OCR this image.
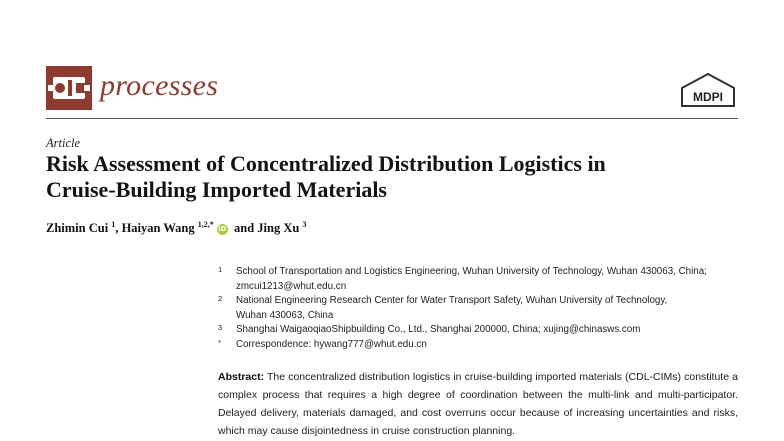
processes	MDPI
Article
Risk Assessment of Concentralized Distribution Logistics in
Cruise-Building Imported Materials
Zhimin Cui $^1$, Haiyan Wang $^{1,2,*}$ iD and Jing Xu $^3$
1 School of Transportation and Logistics Engineering, Wuhan University of Technology, Wuhan 430063, China;
zmcui1213@whut.edu.cn
2 National Engineering Research Center for Water Transport Safety, Wuhan University of Technology,
Wuhan 430063, China
3 Shanghai WaigaoqiaoShipbuilding Co., Ltd., Shanghai 200000, China; xujing@chinasws.com
* Correspondence: hywang777@whut.edu.cn

Abstract: The concentralized distribution logistics in cruise-building imported materials (CDL-CIMs) constitute a complex process that requires a high degree of coordination between the multi-link and multi-participator. Delayed delivery, materials damaged, and cost overruns occur because of increasing uncertainties and risks, which may cause disjointedness in cruise construction planning.
